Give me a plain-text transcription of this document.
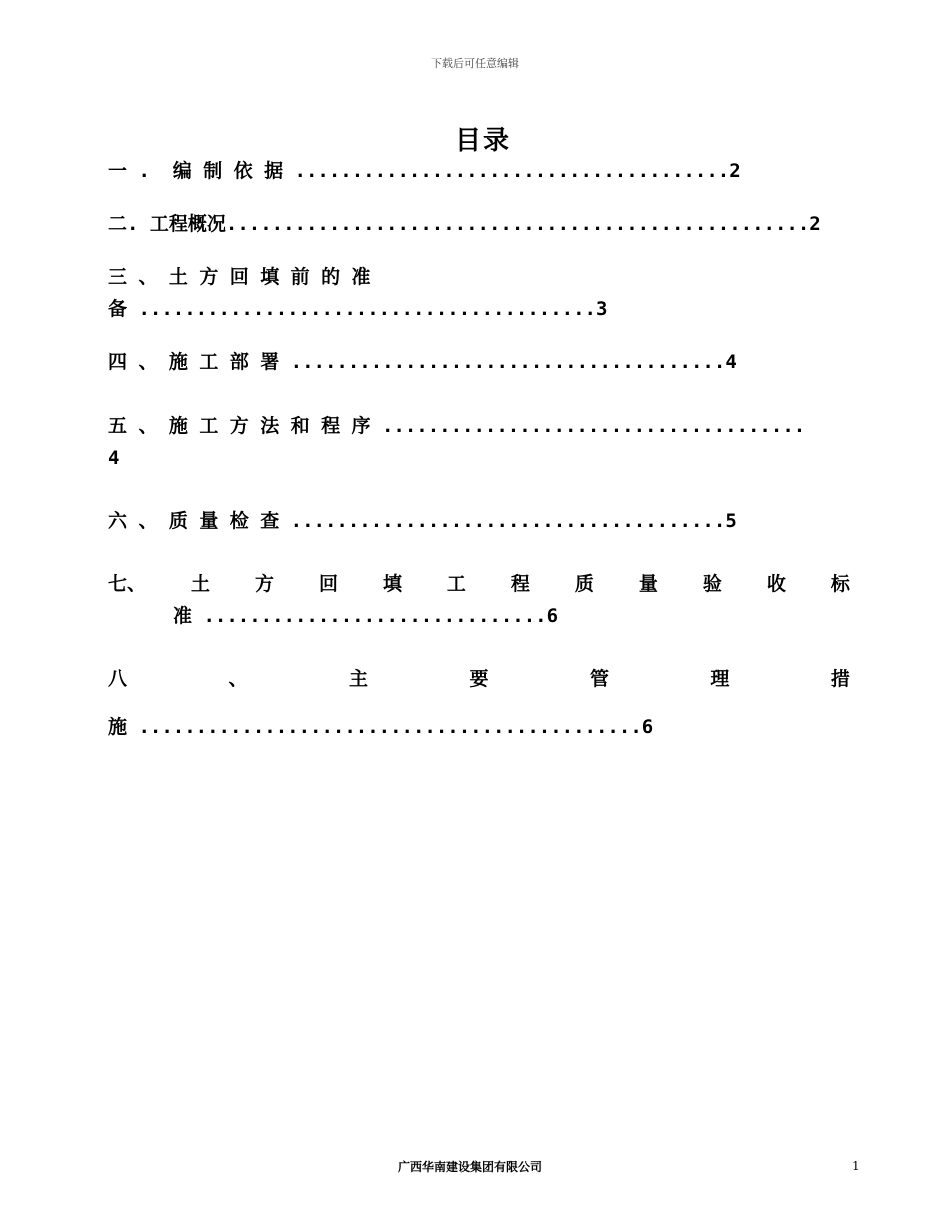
下载后可任意编辑
目录
一 .  编 制 依 据 ......................................2
二. 工程概况...................................................2
三 、 土 方 回 填 前 的 准
备 ........................................3
四 、 施 工 部 署 ......................................4
五 、 施 工 方 法 和 程 序 .....................................
4
六 、 质 量 检 查 ......................................5
七、 土 方 回 填 工 程 质 量 验 收 标
准 ..............................6
八	、	主	要	管	理	措
施 ............................................6
广西华南建设集团有限公司	1
